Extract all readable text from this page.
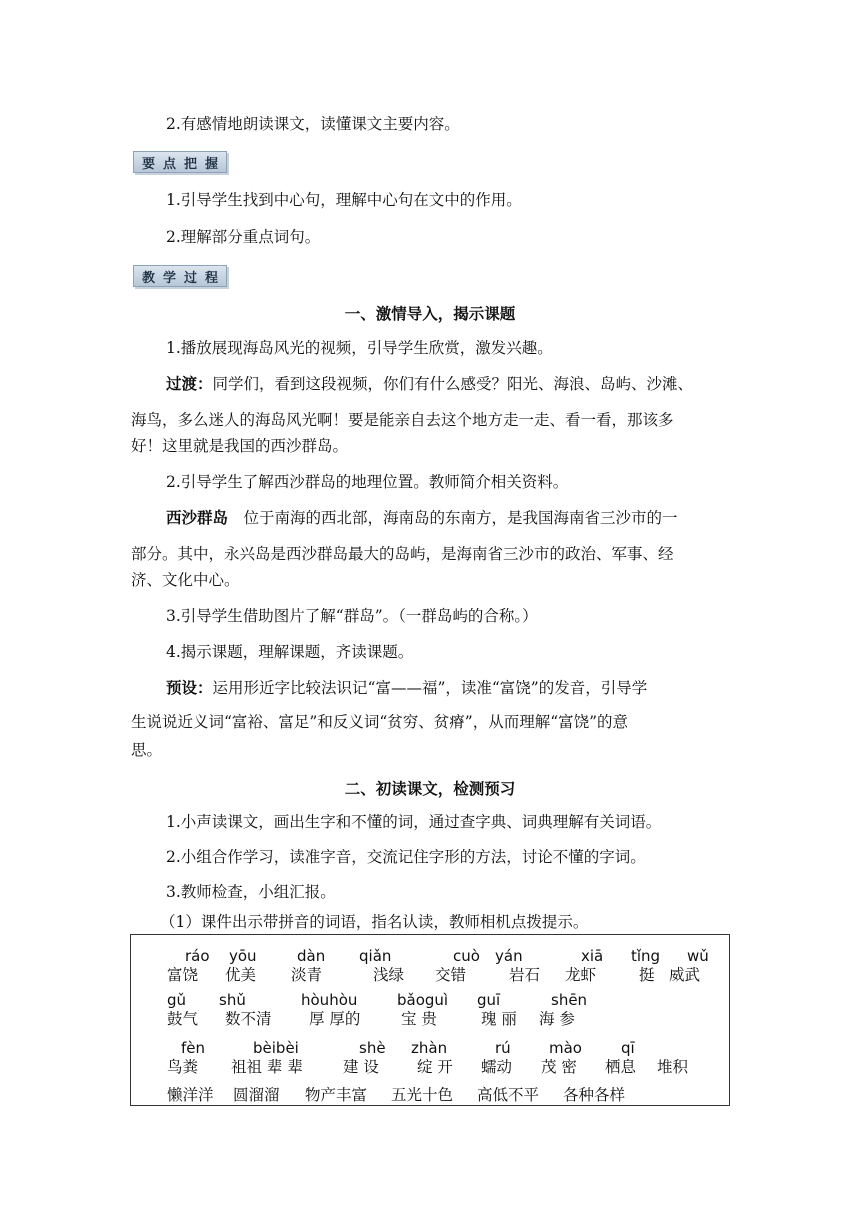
2.有感情地朗读课文，读懂课文主要内容。
要 点 把 握
1.引导学生找到中心句，理解中心句在文中的作用。
2.理解部分重点词句。
教 学 过 程
一、激情导入，揭示课题
1.播放展现海岛风光的视频，引导学生欣赏，激发兴趣。
过渡：同学们，看到这段视频，你们有什么感受？阳光、海浪、岛屿、沙滩、
海鸟，多么迷人的海岛风光啊！要是能亲自去这个地方走一走、看一看，那该多
好！这里就是我国的西沙群岛。
2.引导学生了解西沙群岛的地理位置。教师简介相关资料。
西沙群岛　位于南海的西北部，海南岛的东南方，是我国海南省三沙市的一
部分。其中，永兴岛是西沙群岛最大的岛屿，是海南省三沙市的政治、军事、经
济、文化中心。
3.引导学生借助图片了解“群岛”。（一群岛屿的合称。）
4.揭示课题，理解课题，齐读课题。
预设：运用形近字比较法识记“富——福”，读准“富饶”的发音，引导学
生说说近义词“富裕、富足”和反义词“贫穷、贫瘠”，从而理解“富饶”的意
思。
二、初读课文，检测预习
1.小声读课文，画出生字和不懂的词，通过查字典、词典理解有关词语。
2.小组合作学习，读准字音，交流记住字形的方法，讨论不懂的字词。
3.教师检查，小组汇报。
（1）课件出示带拼音的词语，指名认读，教师相机点拨提示。
ráo yōu	dàn qiǎn	cuò yán	xiā tǐng wǔ
富饶 优美 淡青	浅绿 交错	岩石 龙虾	挺 威武
gǔ shǔ	hòuhòu	bǎoguì guī	shēn
鼓气 数不清 厚 厚的	宝 贵	瑰 丽 海 参
fèn	bèibèi	shè zhàn	rú	mào	qī
鸟粪 祖祖 辈 辈	建 设 绽 开 蠕动 茂 密 栖息 堆积
懒洋洋 圆溜溜 物产丰富 五光十色 高低不平 各种各样
